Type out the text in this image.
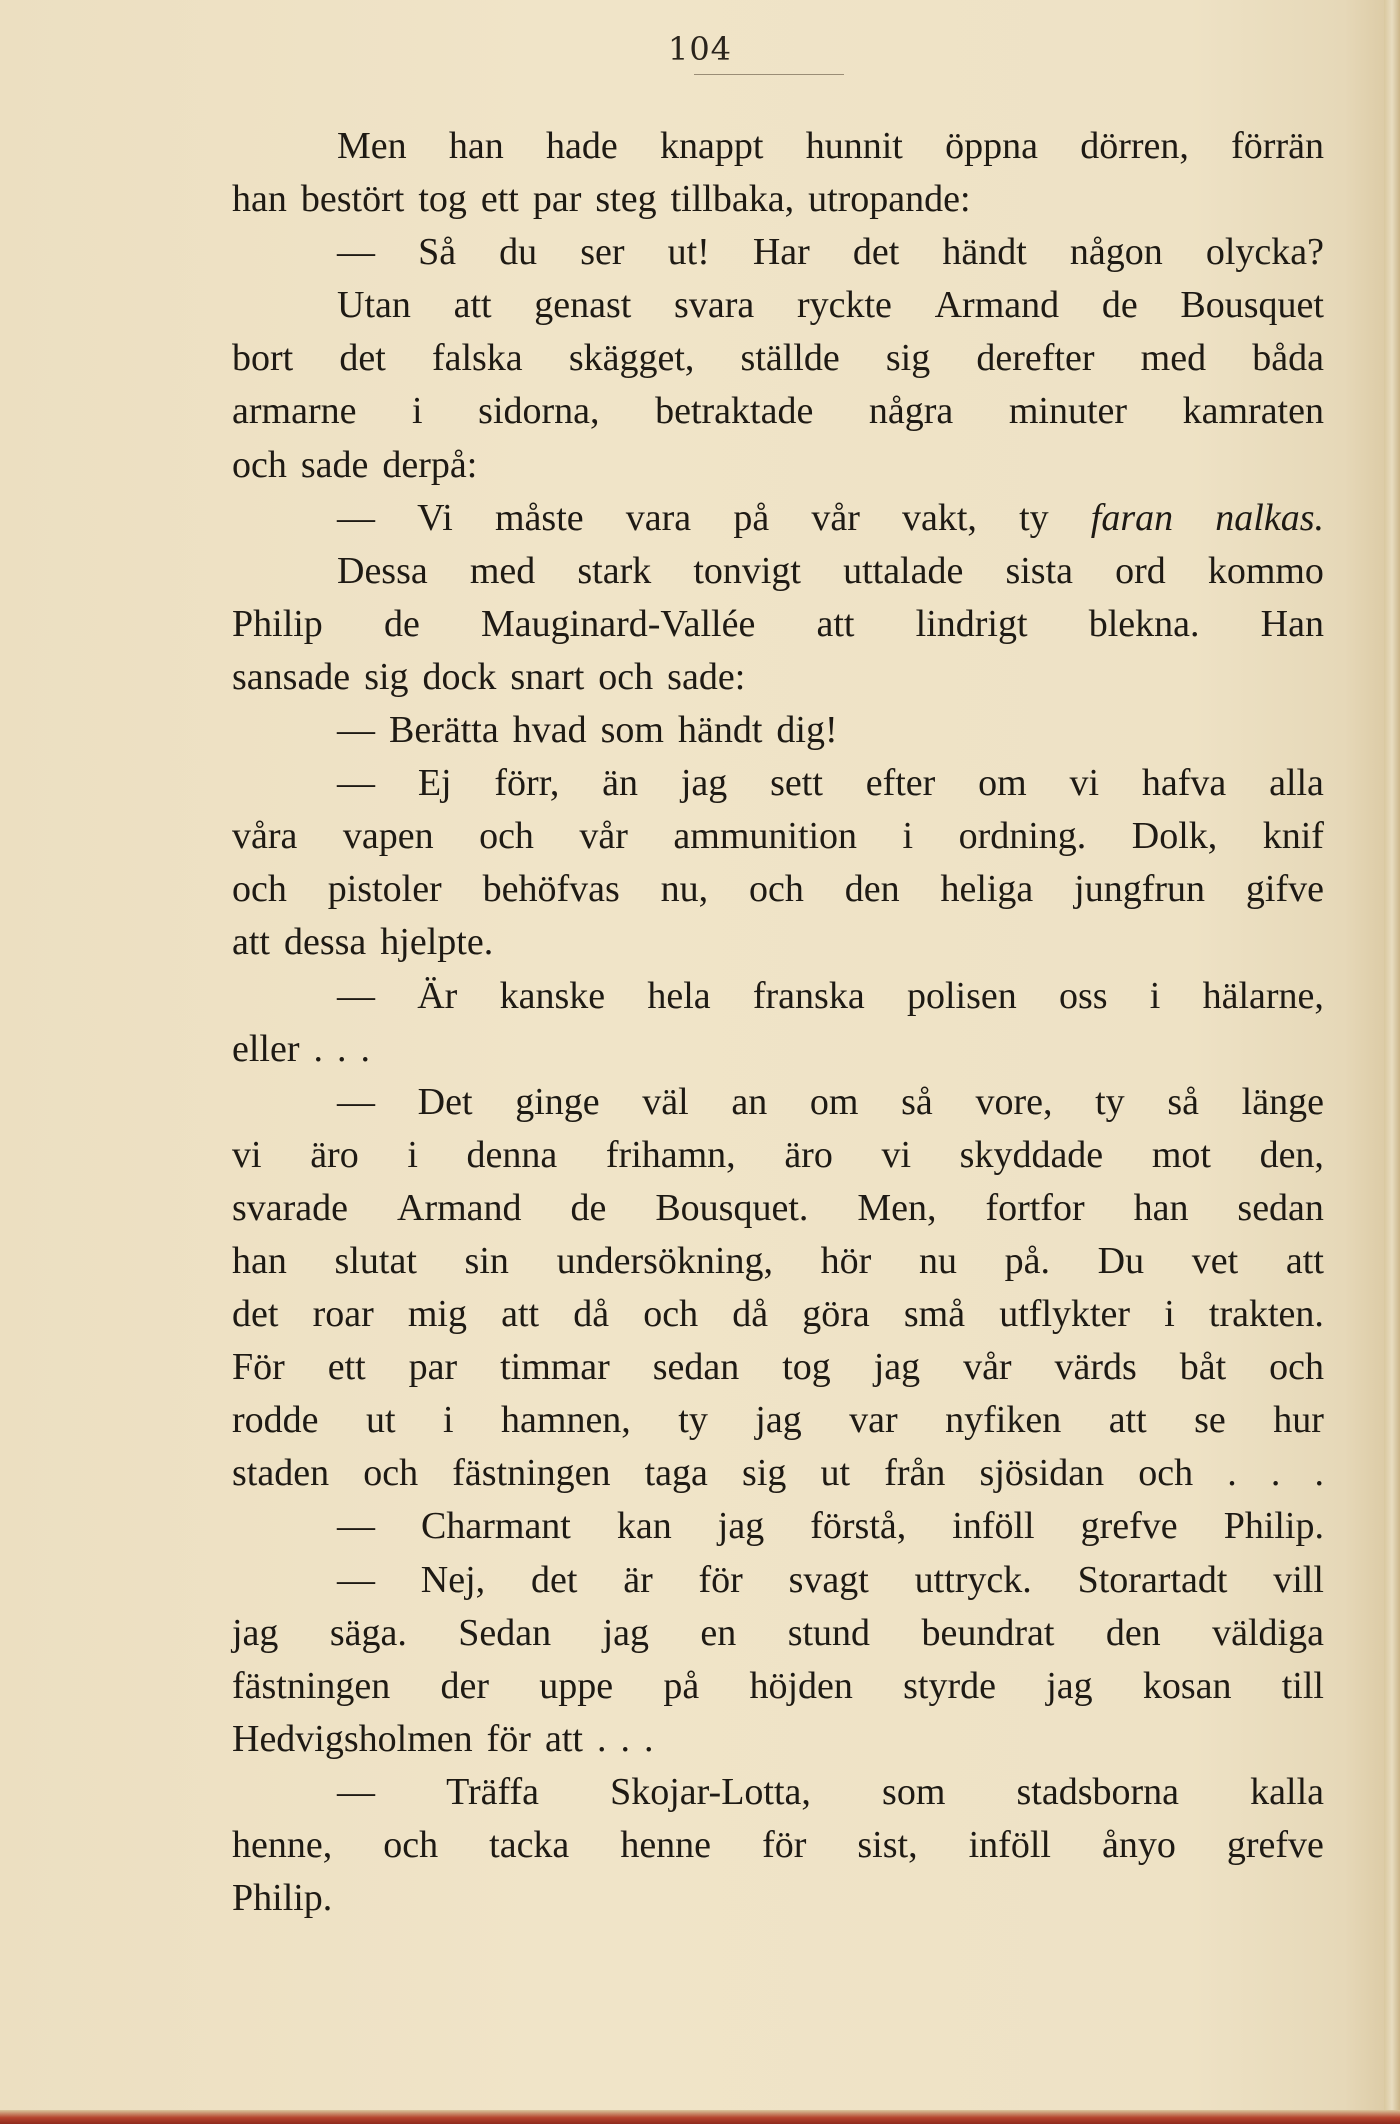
104
Men han hade knappt hunnit öppna dörren, förrän
han bestört tog ett par steg tillbaka, utropande:
— Så du ser ut! Har det händt någon olycka?
Utan att genast svara ryckte Armand de Bousquet
bort det falska skägget, ställde sig derefter med båda
armarne i sidorna, betraktade några minuter kamraten
och sade derpå:
— Vi måste vara på vår vakt, ty faran nalkas.
Dessa med stark tonvigt uttalade sista ord kommo
Philip de Mauginard-Vallée att lindrigt blekna. Han
sansade sig dock snart och sade:
— Berätta hvad som händt dig!
— Ej förr, än jag sett efter om vi hafva alla
våra vapen och vår ammunition i ordning. Dolk, knif
och pistoler behöfvas nu, och den heliga jungfrun gifve
att dessa hjelpte.
— Är kanske hela franska polisen oss i hälarne,
eller . . .
— Det ginge väl an om så vore, ty så länge
vi äro i denna frihamn, äro vi skyddade mot den,
svarade Armand de Bousquet. Men, fortfor han sedan
han slutat sin undersökning, hör nu på. Du vet att
det roar mig att då och då göra små utflykter i trakten.
För ett par timmar sedan tog jag vår värds båt och
rodde ut i hamnen, ty jag var nyfiken att se hur
staden och fästningen taga sig ut från sjösidan och . . .
— Charmant kan jag förstå, inföll grefve Philip.
— Nej, det är för svagt uttryck. Storartadt vill
jag säga. Sedan jag en stund beundrat den väldiga
fästningen der uppe på höjden styrde jag kosan till
Hedvigsholmen för att . . .
— Träffa Skojar-Lotta, som stadsborna kalla
henne, och tacka henne för sist, inföll ånyo grefve
Philip.
